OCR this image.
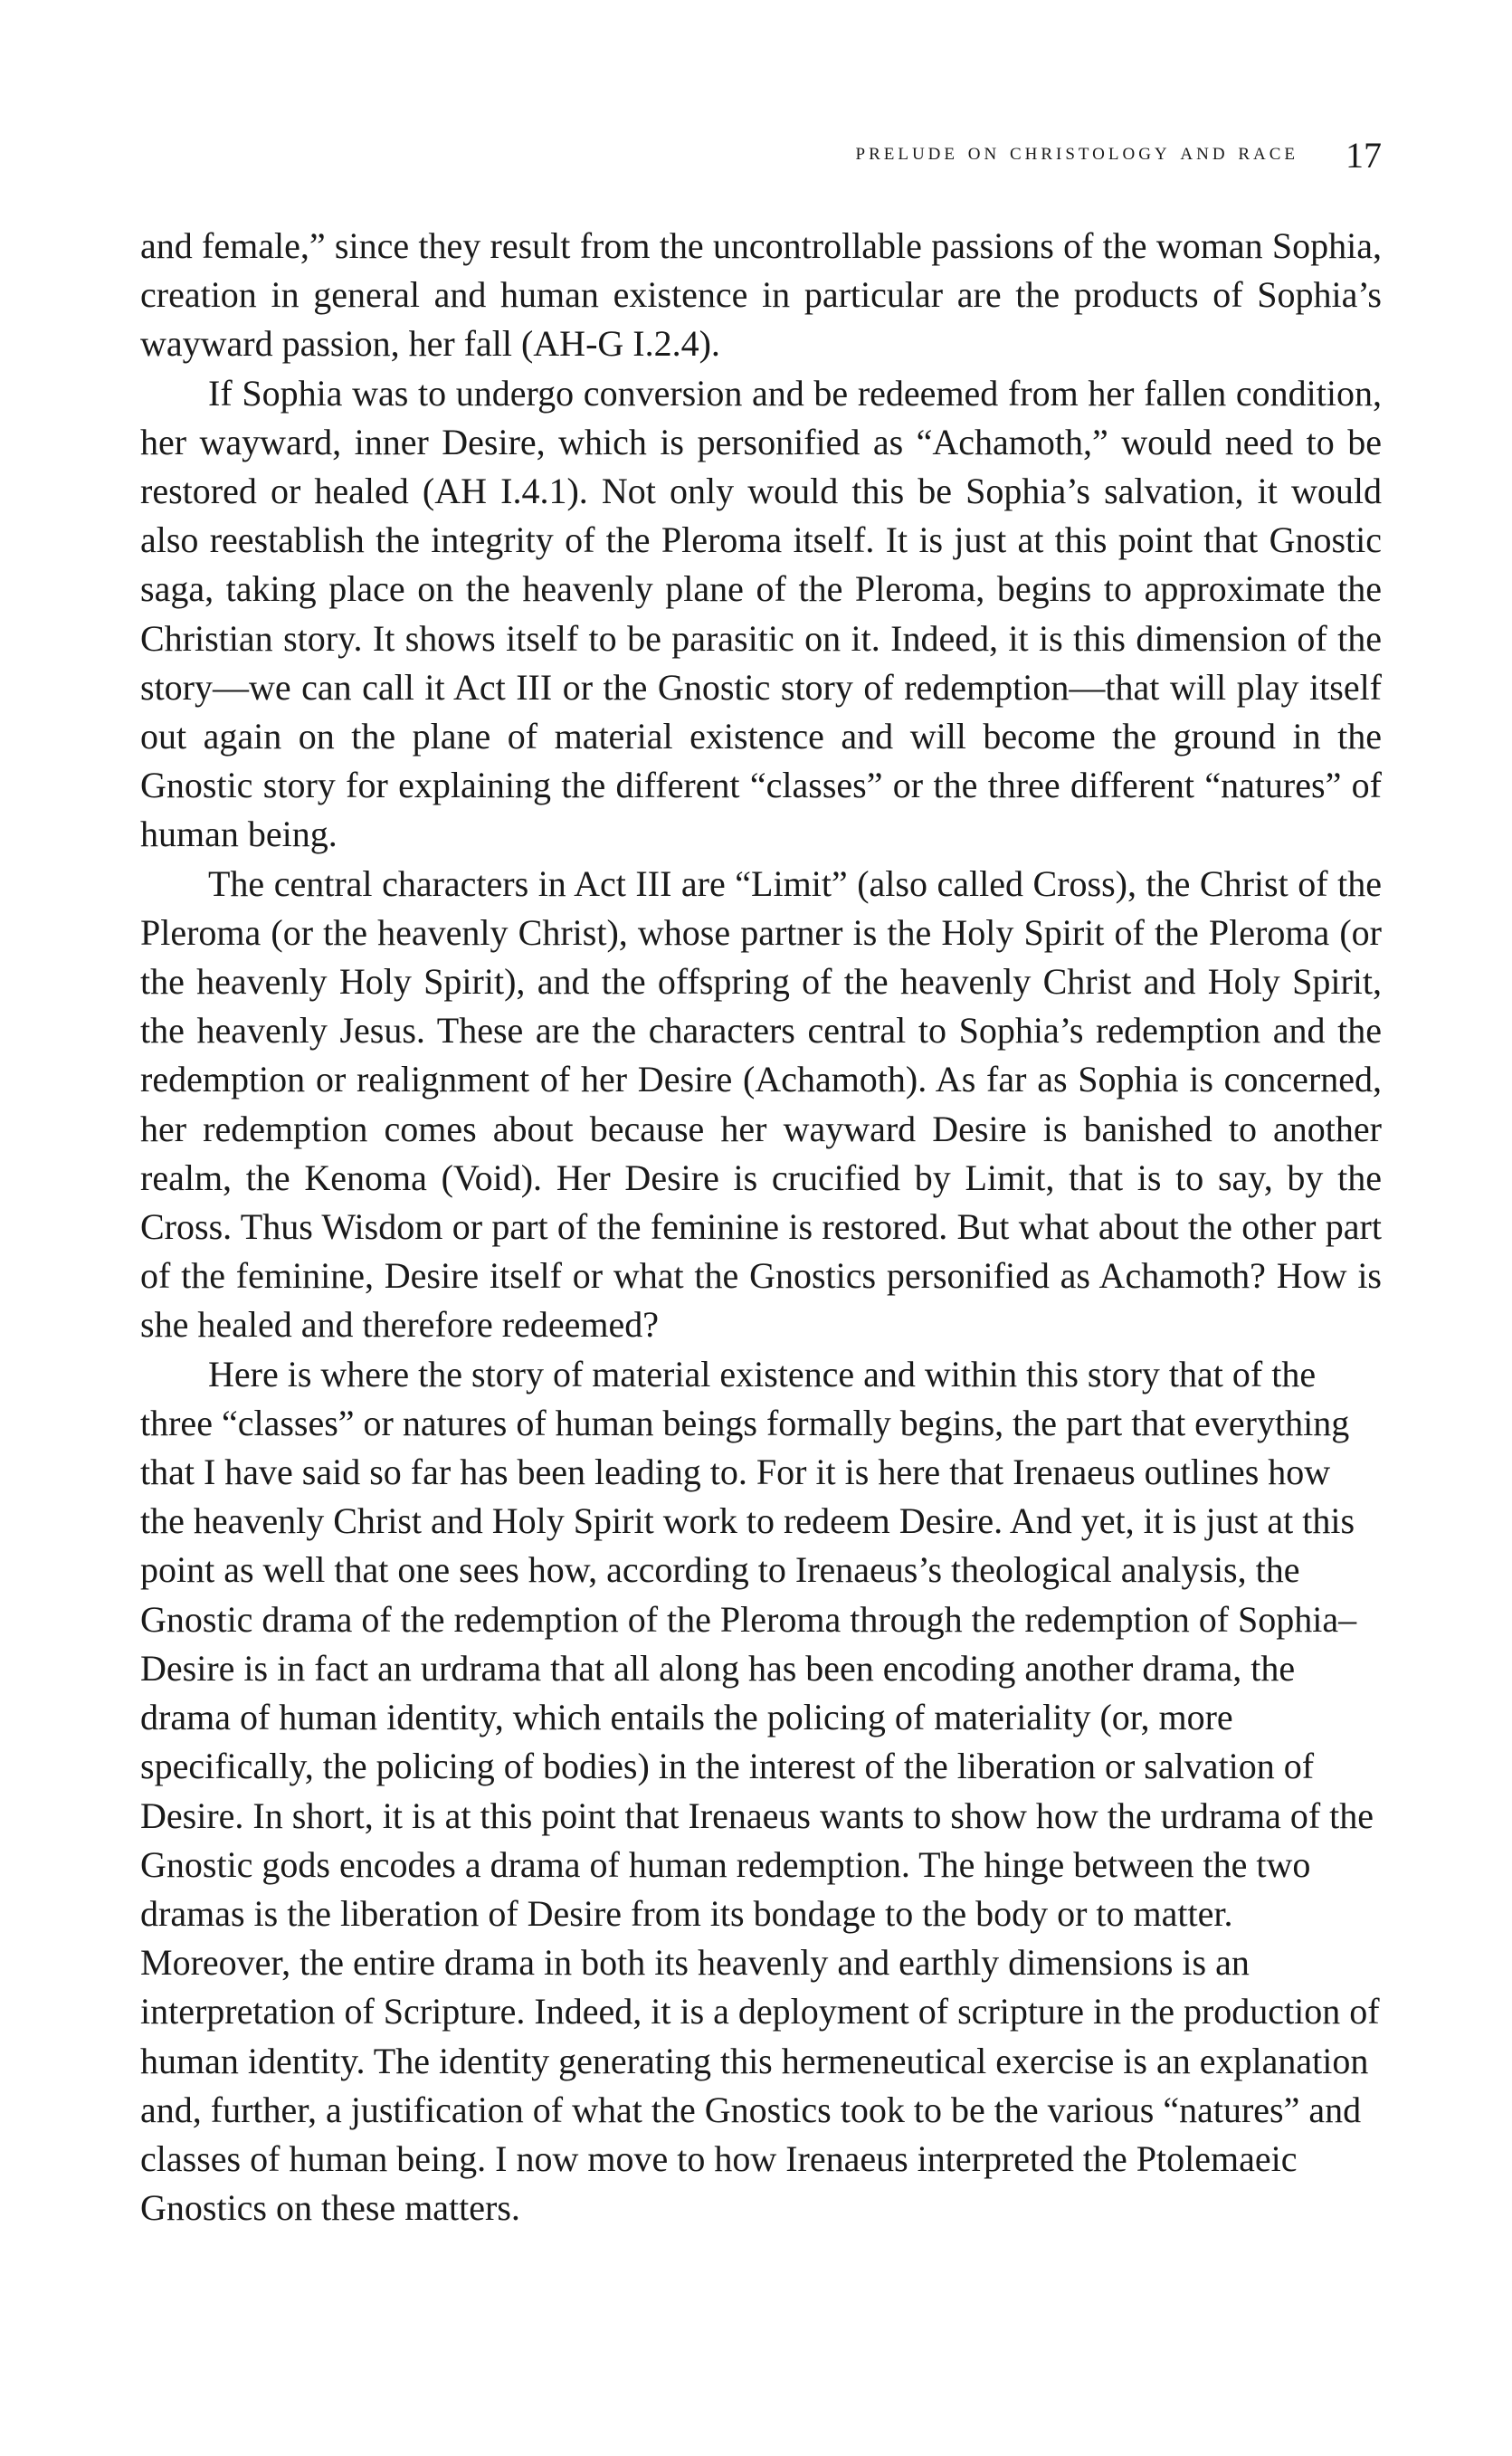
prelude on christology and race 17

and female,” since they result from the uncontrollable passions of the woman Sophia, creation in general and human existence in particular are the products of Sophia’s wayward passion, her fall (AH-G I.2.4).

If Sophia was to undergo conversion and be redeemed from her fallen condition, her wayward, inner Desire, which is personified as “Achamoth,” would need to be restored or healed (AH I.4.1). Not only would this be Sophia’s salvation, it would also reestablish the integrity of the Pleroma itself. It is just at this point that Gnostic saga, taking place on the heavenly plane of the Pleroma, begins to approximate the Christian story. It shows itself to be parasitic on it. Indeed, it is this dimension of the story—we can call it Act III or the Gnostic story of redemption—that will play itself out again on the plane of material existence and will become the ground in the Gnostic story for explaining the different “classes” or the three different “natures” of human being.

The central characters in Act III are “Limit” (also called Cross), the Christ of the Pleroma (or the heavenly Christ), whose partner is the Holy Spirit of the Pleroma (or the heavenly Holy Spirit), and the offspring of the heavenly Christ and Holy Spirit, the heavenly Jesus. These are the characters central to Sophia’s redemption and the redemption or realignment of her Desire (Achamoth). As far as Sophia is concerned, her redemption comes about because her wayward Desire is banished to another realm, the Kenoma (Void). Her Desire is crucified by Limit, that is to say, by the Cross. Thus Wisdom or part of the feminine is restored. But what about the other part of the feminine, Desire itself or what the Gnostics personified as Achamoth? How is she healed and therefore redeemed?

Here is where the story of material existence and within this story that of the three “classes” or natures of human beings formally begins, the part that everything that I have said so far has been leading to. For it is here that Irenaeus outlines how the heavenly Christ and Holy Spirit work to redeem Desire. And yet, it is just at this point as well that one sees how, according to Irenaeus’s theological analysis, the Gnostic drama of the redemption of the Pleroma through the redemption of Sophia–Desire is in fact an urdrama that all along has been encoding another drama, the drama of human identity, which entails the policing of materiality (or, more specifically, the policing of bodies) in the interest of the liberation or salvation of Desire. In short, it is at this point that Irenaeus wants to show how the urdrama of the Gnostic gods encodes a drama of human redemption. The hinge between the two dramas is the liberation of Desire from its bondage to the body or to matter. Moreover, the entire drama in both its heavenly and earthly dimensions is an interpretation of Scripture. Indeed, it is a deployment of scripture in the production of human identity. The identity generating this hermeneutical exercise is an explanation and, further, a justification of what the Gnostics took to be the various “natures” and classes of human being. I now move to how Irenaeus interpreted the Ptolemaeic Gnostics on these matters.
